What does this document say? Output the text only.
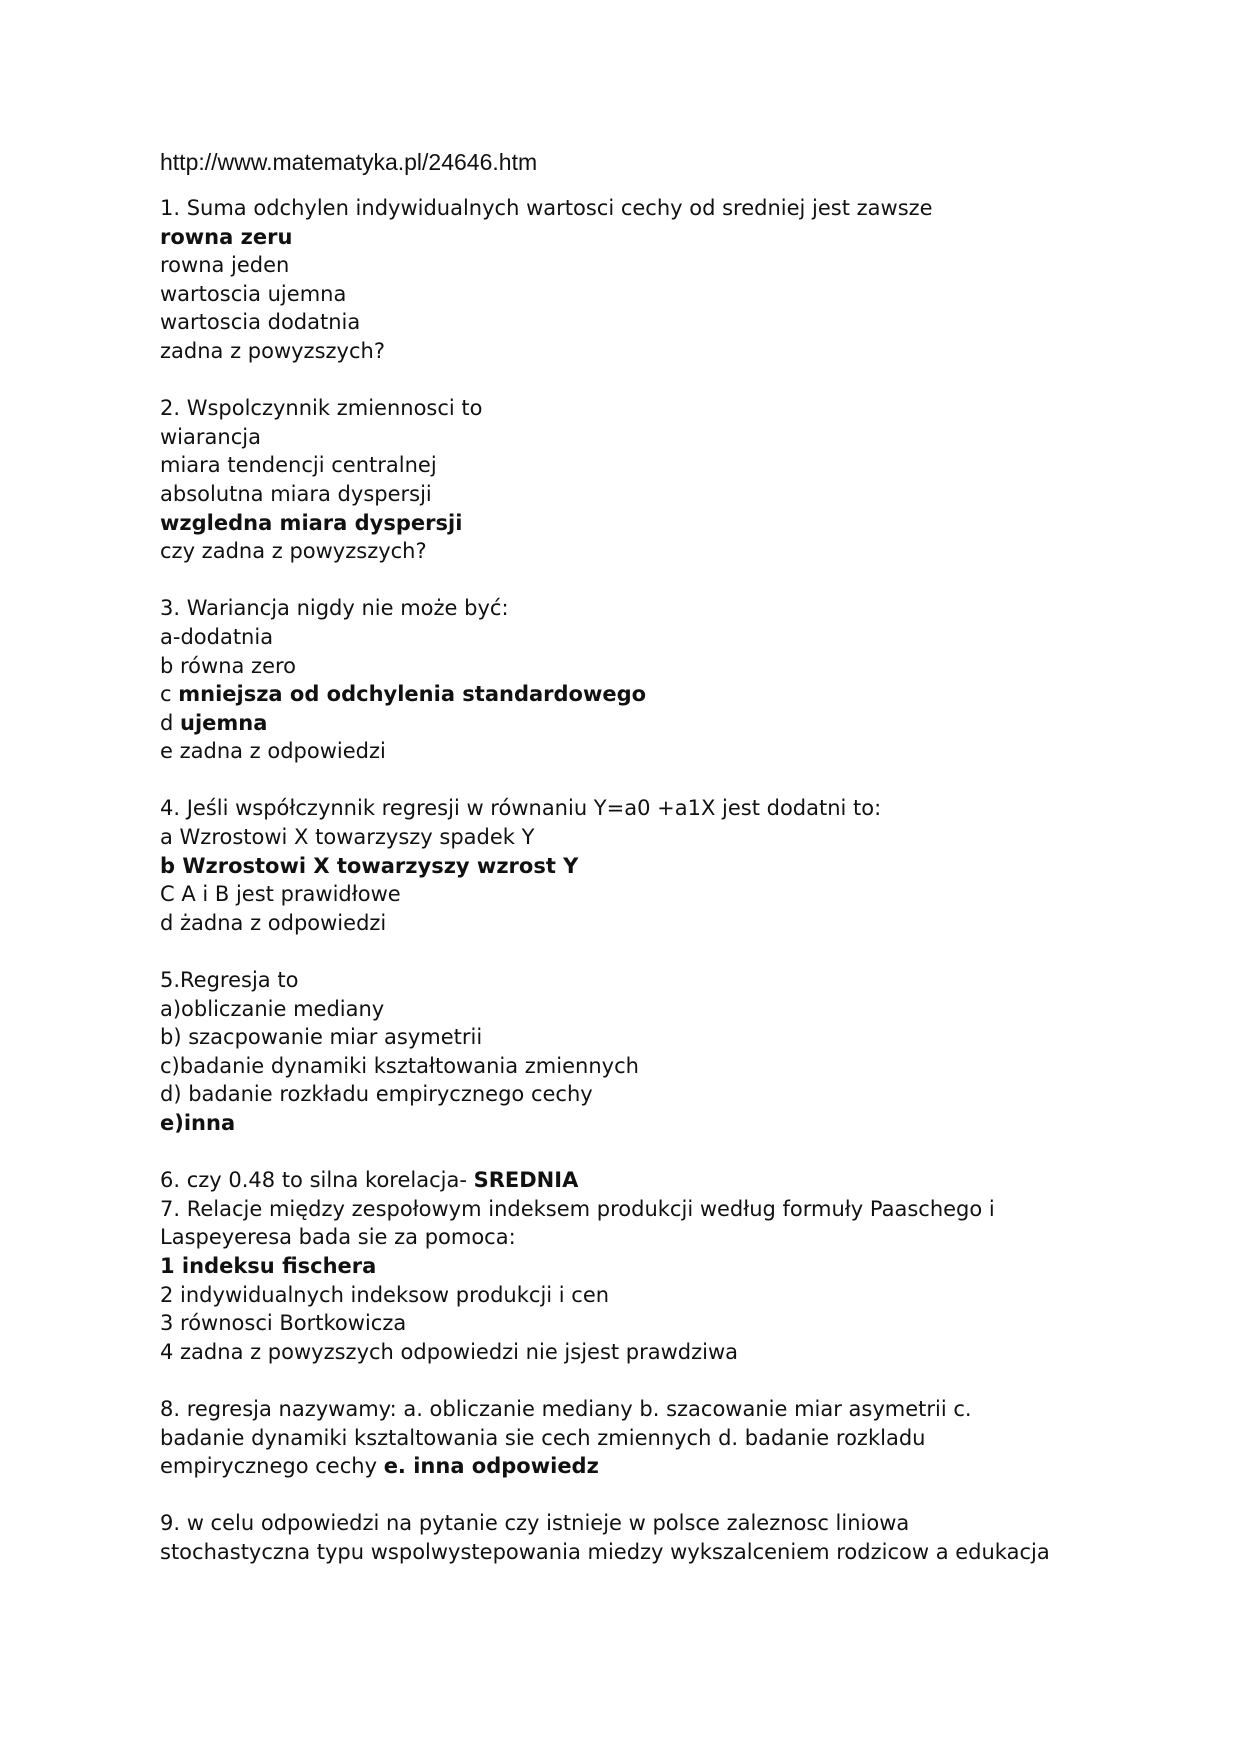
http://www.matematyka.pl/24646.htm
1. Suma odchylen indywidualnych wartosci cechy od sredniej jest zawsze
rowna zeru
rowna jeden
wartoscia ujemna
wartoscia dodatnia
zadna z powyzszych?
2. Wspolczynnik zmiennosci to
wiarancja
miara tendencji centralnej
absolutna miara dyspersji
wzgledna miara dyspersji
czy zadna z powyzszych?
3. Wariancja nigdy nie może być:
a-dodatnia
b równa zero
c mniejsza od odchylenia standardowego
d ujemna
e zadna z odpowiedzi
4. Jeśli współczynnik regresji w równaniu Y=a0 +a1X jest dodatni to:
a Wzrostowi X towarzyszy spadek Y
b Wzrostowi X towarzyszy wzrost Y
C A i B jest prawidłowe
d żadna z odpowiedzi
5.Regresja to
a)obliczanie mediany
b) szacpowanie miar asymetrii
c)badanie dynamiki kształtowania zmiennych
d) badanie rozkładu empirycznego cechy
e)inna
6. czy 0.48 to silna korelacja- SREDNIA
7. Relacje między zespołowym indeksem produkcji według formuły Paaschego i
Laspeyeresa bada sie za pomoca:
1 indeksu fischera
2 indywidualnych indeksow produkcji i cen
3 równosci Bortkowicza
4 zadna z powyzszych odpowiedzi nie jsjest prawdziwa
8. regresja nazywamy: a. obliczanie mediany b. szacowanie miar asymetrii c.
badanie dynamiki ksztaltowania sie cech zmiennych d. badanie rozkladu
empirycznego cechy e. inna odpowiedz
9. w celu odpowiedzi na pytanie czy istnieje w polsce zaleznosc liniowa
stochastyczna typu wspolwystepowania miedzy wykszalceniem rodzicow a edukacja
